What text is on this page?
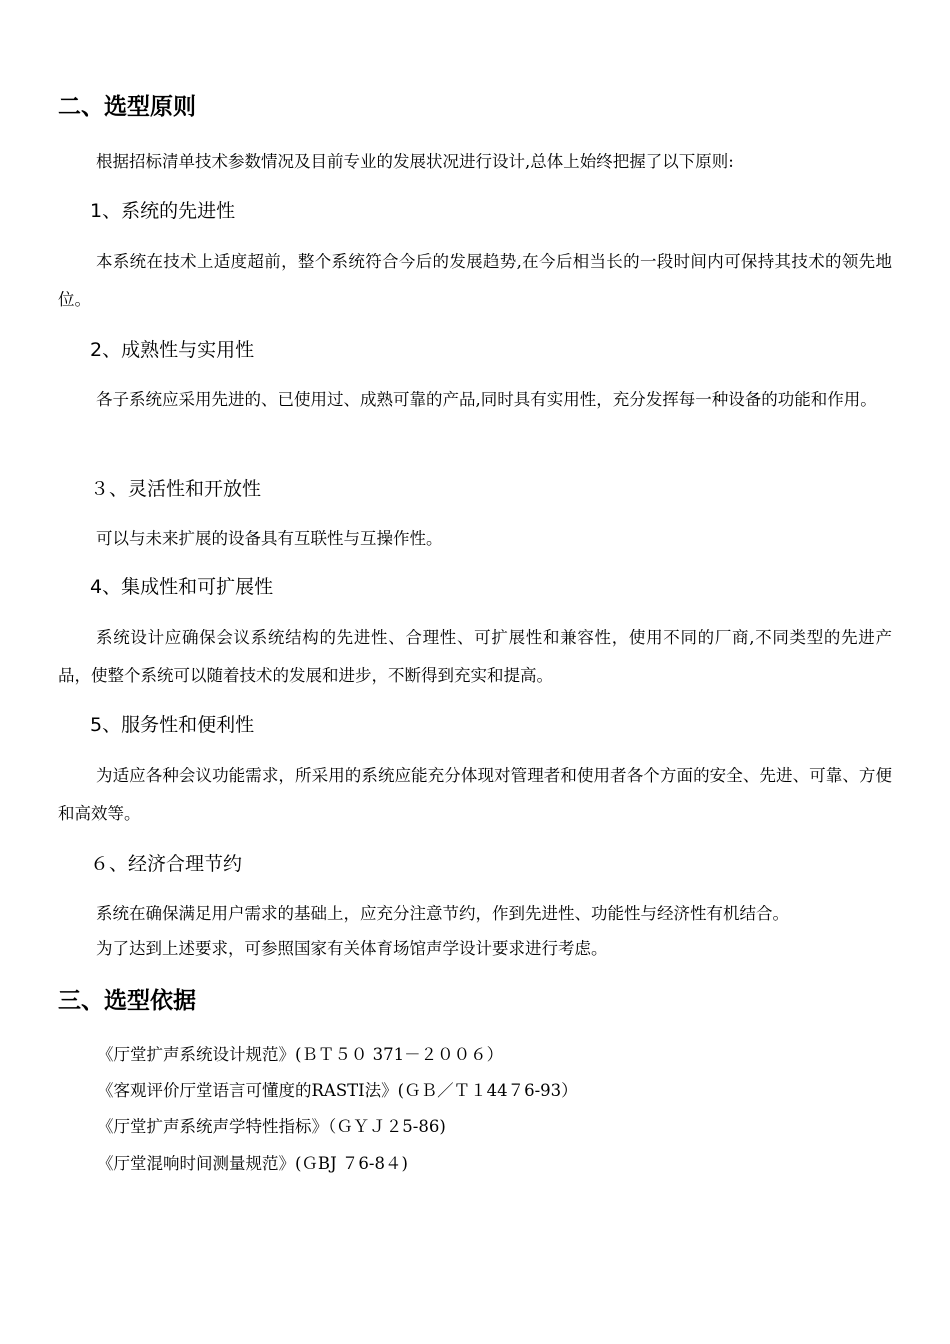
二、选型原则

根据招标清单技术参数情况及目前专业的发展状况进行设计,总体上始终把握了以下原则:

1、系统的先进性

本系统在技术上适度超前，整个系统符合今后的发展趋势,在今后相当长的一段时间内可保持其技术的领先地位。

2、成熟性与实用性

各子系统应采用先进的、已使用过、成熟可靠的产品,同时具有实用性，充分发挥每一种设备的功能和作用。

３、灵活性和开放性

可以与未来扩展的设备具有互联性与互操作性。

4、集成性和可扩展性

系统设计应确保会议系统结构的先进性、合理性、可扩展性和兼容性，使用不同的厂商,不同类型的先进产品，使整个系统可以随着技术的发展和进步，不断得到充实和提高。

5、服务性和便利性

为适应各种会议功能需求，所采用的系统应能充分体现对管理者和使用者各个方面的安全、先进、可靠、方便和高效等。

６、经济合理节约

系统在确保满足用户需求的基础上，应充分注意节约，作到先进性、功能性与经济性有机结合。

为了达到上述要求，可参照国家有关体育场馆声学设计要求进行考虑。

三、选型依据
《厅堂扩声系统设计规范》(ＢＴ５０ 371－２００６）
《客观评价厅堂语言可懂度的RASTI法》(ＧＢ／Ｔ１44７6-93）
《厅堂扩声系统声学特性指标》（ＧＹＪ２5-86)
《厅堂混响时间测量规范》(ＧBJ ７6-8４)
